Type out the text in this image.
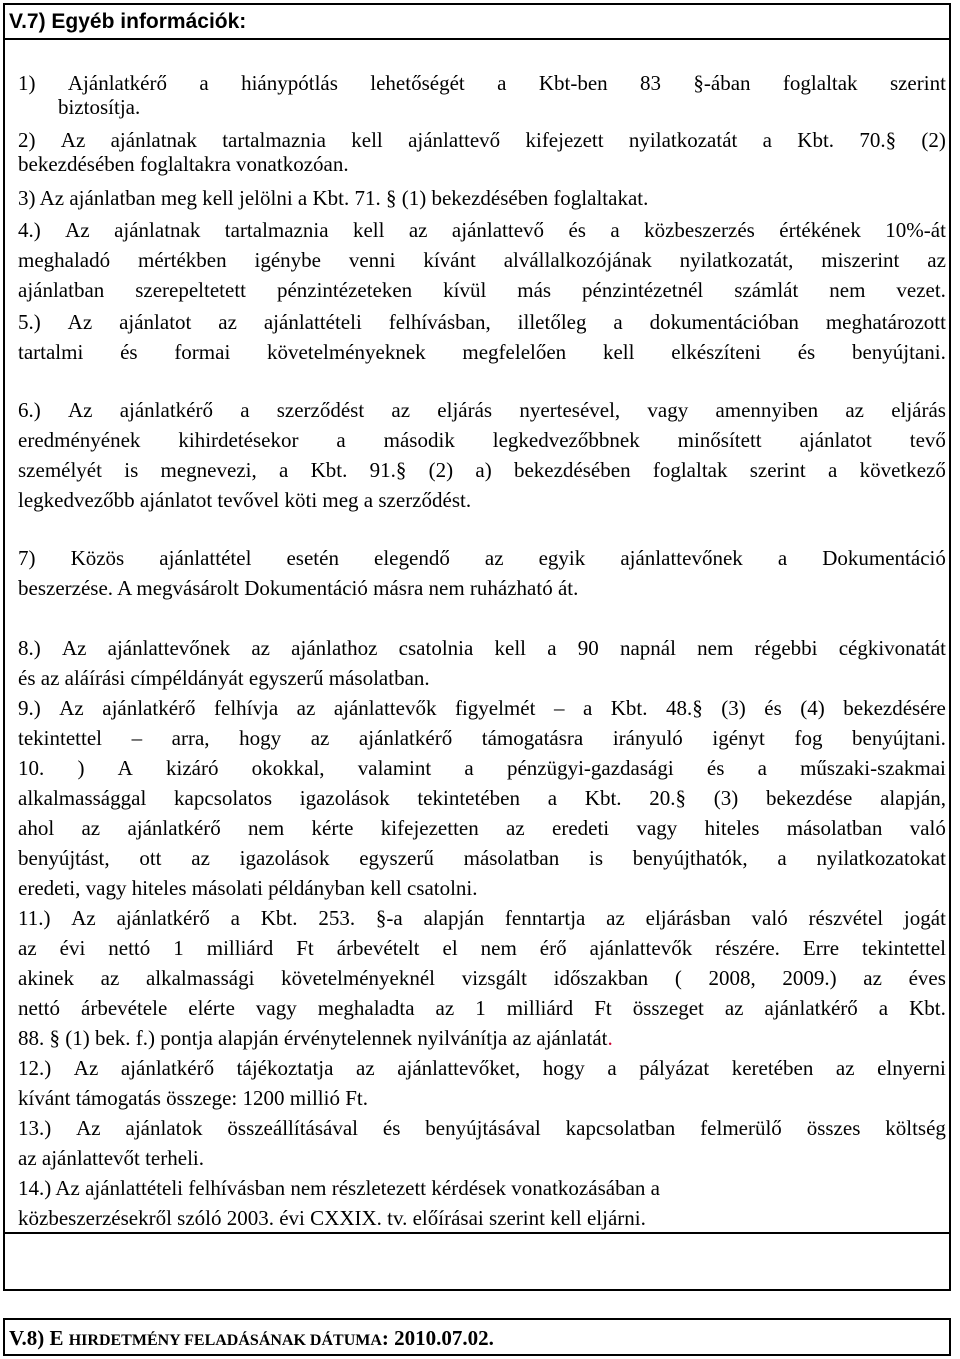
V.7) Egyéb információk:
1) Ajánlatkérő a hiánypótlás lehetőségét a Kbt-ben 83 §-ában foglaltak szerint
biztosítja.
2) Az ajánlatnak tartalmaznia kell ajánlattevő kifejezett nyilatkozatát a Kbt. 70.§ (2)
bekezdésében foglaltakra vonatkozóan.
3) Az ajánlatban meg kell jelölni a Kbt. 71. § (1) bekezdésében foglaltakat.
4.) Az ajánlatnak tartalmaznia kell az ajánlattevő és a közbeszerzés értékének 10%-át
meghaladó mértékben igénybe venni kívánt alvállalkozójának nyilatkozatát, miszerint az
ajánlatban szerepeltetett pénzintézeteken kívül más pénzintézetnél számlát nem vezet.
5.) Az ajánlatot az ajánlattételi felhívásban, illetőleg a dokumentációban meghatározott
tartalmi és formai követelményeknek megfelelően kell elkészíteni és benyújtani.
6.) Az ajánlatkérő a szerződést az eljárás nyertesével, vagy amennyiben az eljárás
eredményének kihirdetésekor a második legkedvezőbbnek minősített ajánlatot tevő
személyét is megnevezi, a Kbt. 91.§ (2) a) bekezdésében foglaltak szerint a következő
legkedvezőbb ajánlatot tevővel köti meg a szerződést.
7) Közös ajánlattétel esetén elegendő az egyik ajánlattevőnek a Dokumentáció
beszerzése. A megvásárolt Dokumentáció másra nem ruházható át.
8.) Az ajánlattevőnek az ajánlathoz csatolnia kell a 90 napnál nem régebbi cégkivonatát
és az aláírási címpéldányát egyszerű másolatban.
9.) Az ajánlatkérő felhívja az ajánlattevők figyelmét – a Kbt. 48.§ (3) és (4) bekezdésére
tekintettel – arra, hogy az ajánlatkérő támogatásra irányuló igényt fog benyújtani.
10. ) A kizáró okokkal, valamint a pénzügyi-gazdasági és a műszaki-szakmai
alkalmassággal kapcsolatos igazolások tekintetében a Kbt. 20.§ (3) bekezdése alapján,
ahol az ajánlatkérő nem kérte kifejezetten az eredeti vagy hiteles másolatban való
benyújtást, ott az igazolások egyszerű másolatban is benyújthatók, a nyilatkozatokat
eredeti, vagy hiteles másolati példányban kell csatolni.
11.) Az ajánlatkérő a Kbt. 253. §-a alapján fenntartja az eljárásban való részvétel jogát
az évi nettó 1 milliárd Ft árbevételt el nem érő ajánlattevők részére. Erre tekintettel
akinek az alkalmassági követelményeknél vizsgált időszakban ( 2008, 2009.) az éves
nettó árbevétele elérte vagy meghaladta az 1 milliárd Ft összeget az ajánlatkérő a Kbt.
88. § (1) bek. f.) pontja alapján érvénytelennek nyilvánítja az ajánlatát.
12.) Az ajánlatkérő tájékoztatja az ajánlattevőket, hogy a pályázat keretében az elnyerni
kívánt támogatás összege: 1200 millió Ft.
13.) Az ajánlatok összeállításával és benyújtásával kapcsolatban felmerülő összes költség
az ajánlattevőt terheli.
14.) Az ajánlattételi felhívásban nem részletezett kérdések vonatkozásában a
közbeszerzésekről szóló 2003. évi CXXIX. tv. előírásai szerint kell eljárni.
V.8) E HIRDETMÉNY FELADÁSÁNAK DÁTUMA: 2010.07.02.
